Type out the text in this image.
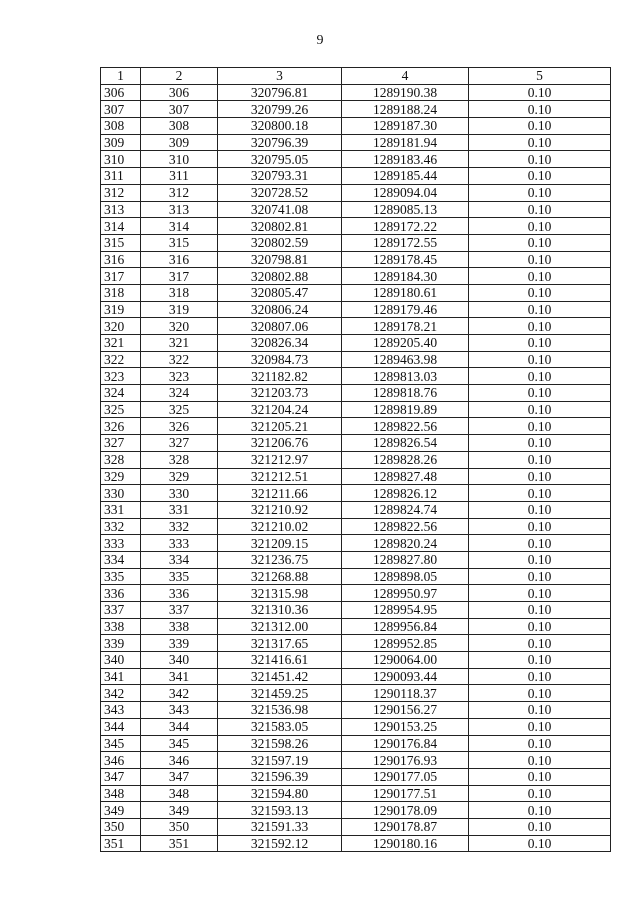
9
1	2	3	4	5
306	306	320796.81	1289190.38	0.10
307	307	320799.26	1289188.24	0.10
308	308	320800.18	1289187.30	0.10
309	309	320796.39	1289181.94	0.10
310	310	320795.05	1289183.46	0.10
311	311	320793.31	1289185.44	0.10
312	312	320728.52	1289094.04	0.10
313	313	320741.08	1289085.13	0.10
314	314	320802.81	1289172.22	0.10
315	315	320802.59	1289172.55	0.10
316	316	320798.81	1289178.45	0.10
317	317	320802.88	1289184.30	0.10
318	318	320805.47	1289180.61	0.10
319	319	320806.24	1289179.46	0.10
320	320	320807.06	1289178.21	0.10
321	321	320826.34	1289205.40	0.10
322	322	320984.73	1289463.98	0.10
323	323	321182.82	1289813.03	0.10
324	324	321203.73	1289818.76	0.10
325	325	321204.24	1289819.89	0.10
326	326	321205.21	1289822.56	0.10
327	327	321206.76	1289826.54	0.10
328	328	321212.97	1289828.26	0.10
329	329	321212.51	1289827.48	0.10
330	330	321211.66	1289826.12	0.10
331	331	321210.92	1289824.74	0.10
332	332	321210.02	1289822.56	0.10
333	333	321209.15	1289820.24	0.10
334	334	321236.75	1289827.80	0.10
335	335	321268.88	1289898.05	0.10
336	336	321315.98	1289950.97	0.10
337	337	321310.36	1289954.95	0.10
338	338	321312.00	1289956.84	0.10
339	339	321317.65	1289952.85	0.10
340	340	321416.61	1290064.00	0.10
341	341	321451.42	1290093.44	0.10
342	342	321459.25	1290118.37	0.10
343	343	321536.98	1290156.27	0.10
344	344	321583.05	1290153.25	0.10
345	345	321598.26	1290176.84	0.10
346	346	321597.19	1290176.93	0.10
347	347	321596.39	1290177.05	0.10
348	348	321594.80	1290177.51	0.10
349	349	321593.13	1290178.09	0.10
350	350	321591.33	1290178.87	0.10
351	351	321592.12	1290180.16	0.10
